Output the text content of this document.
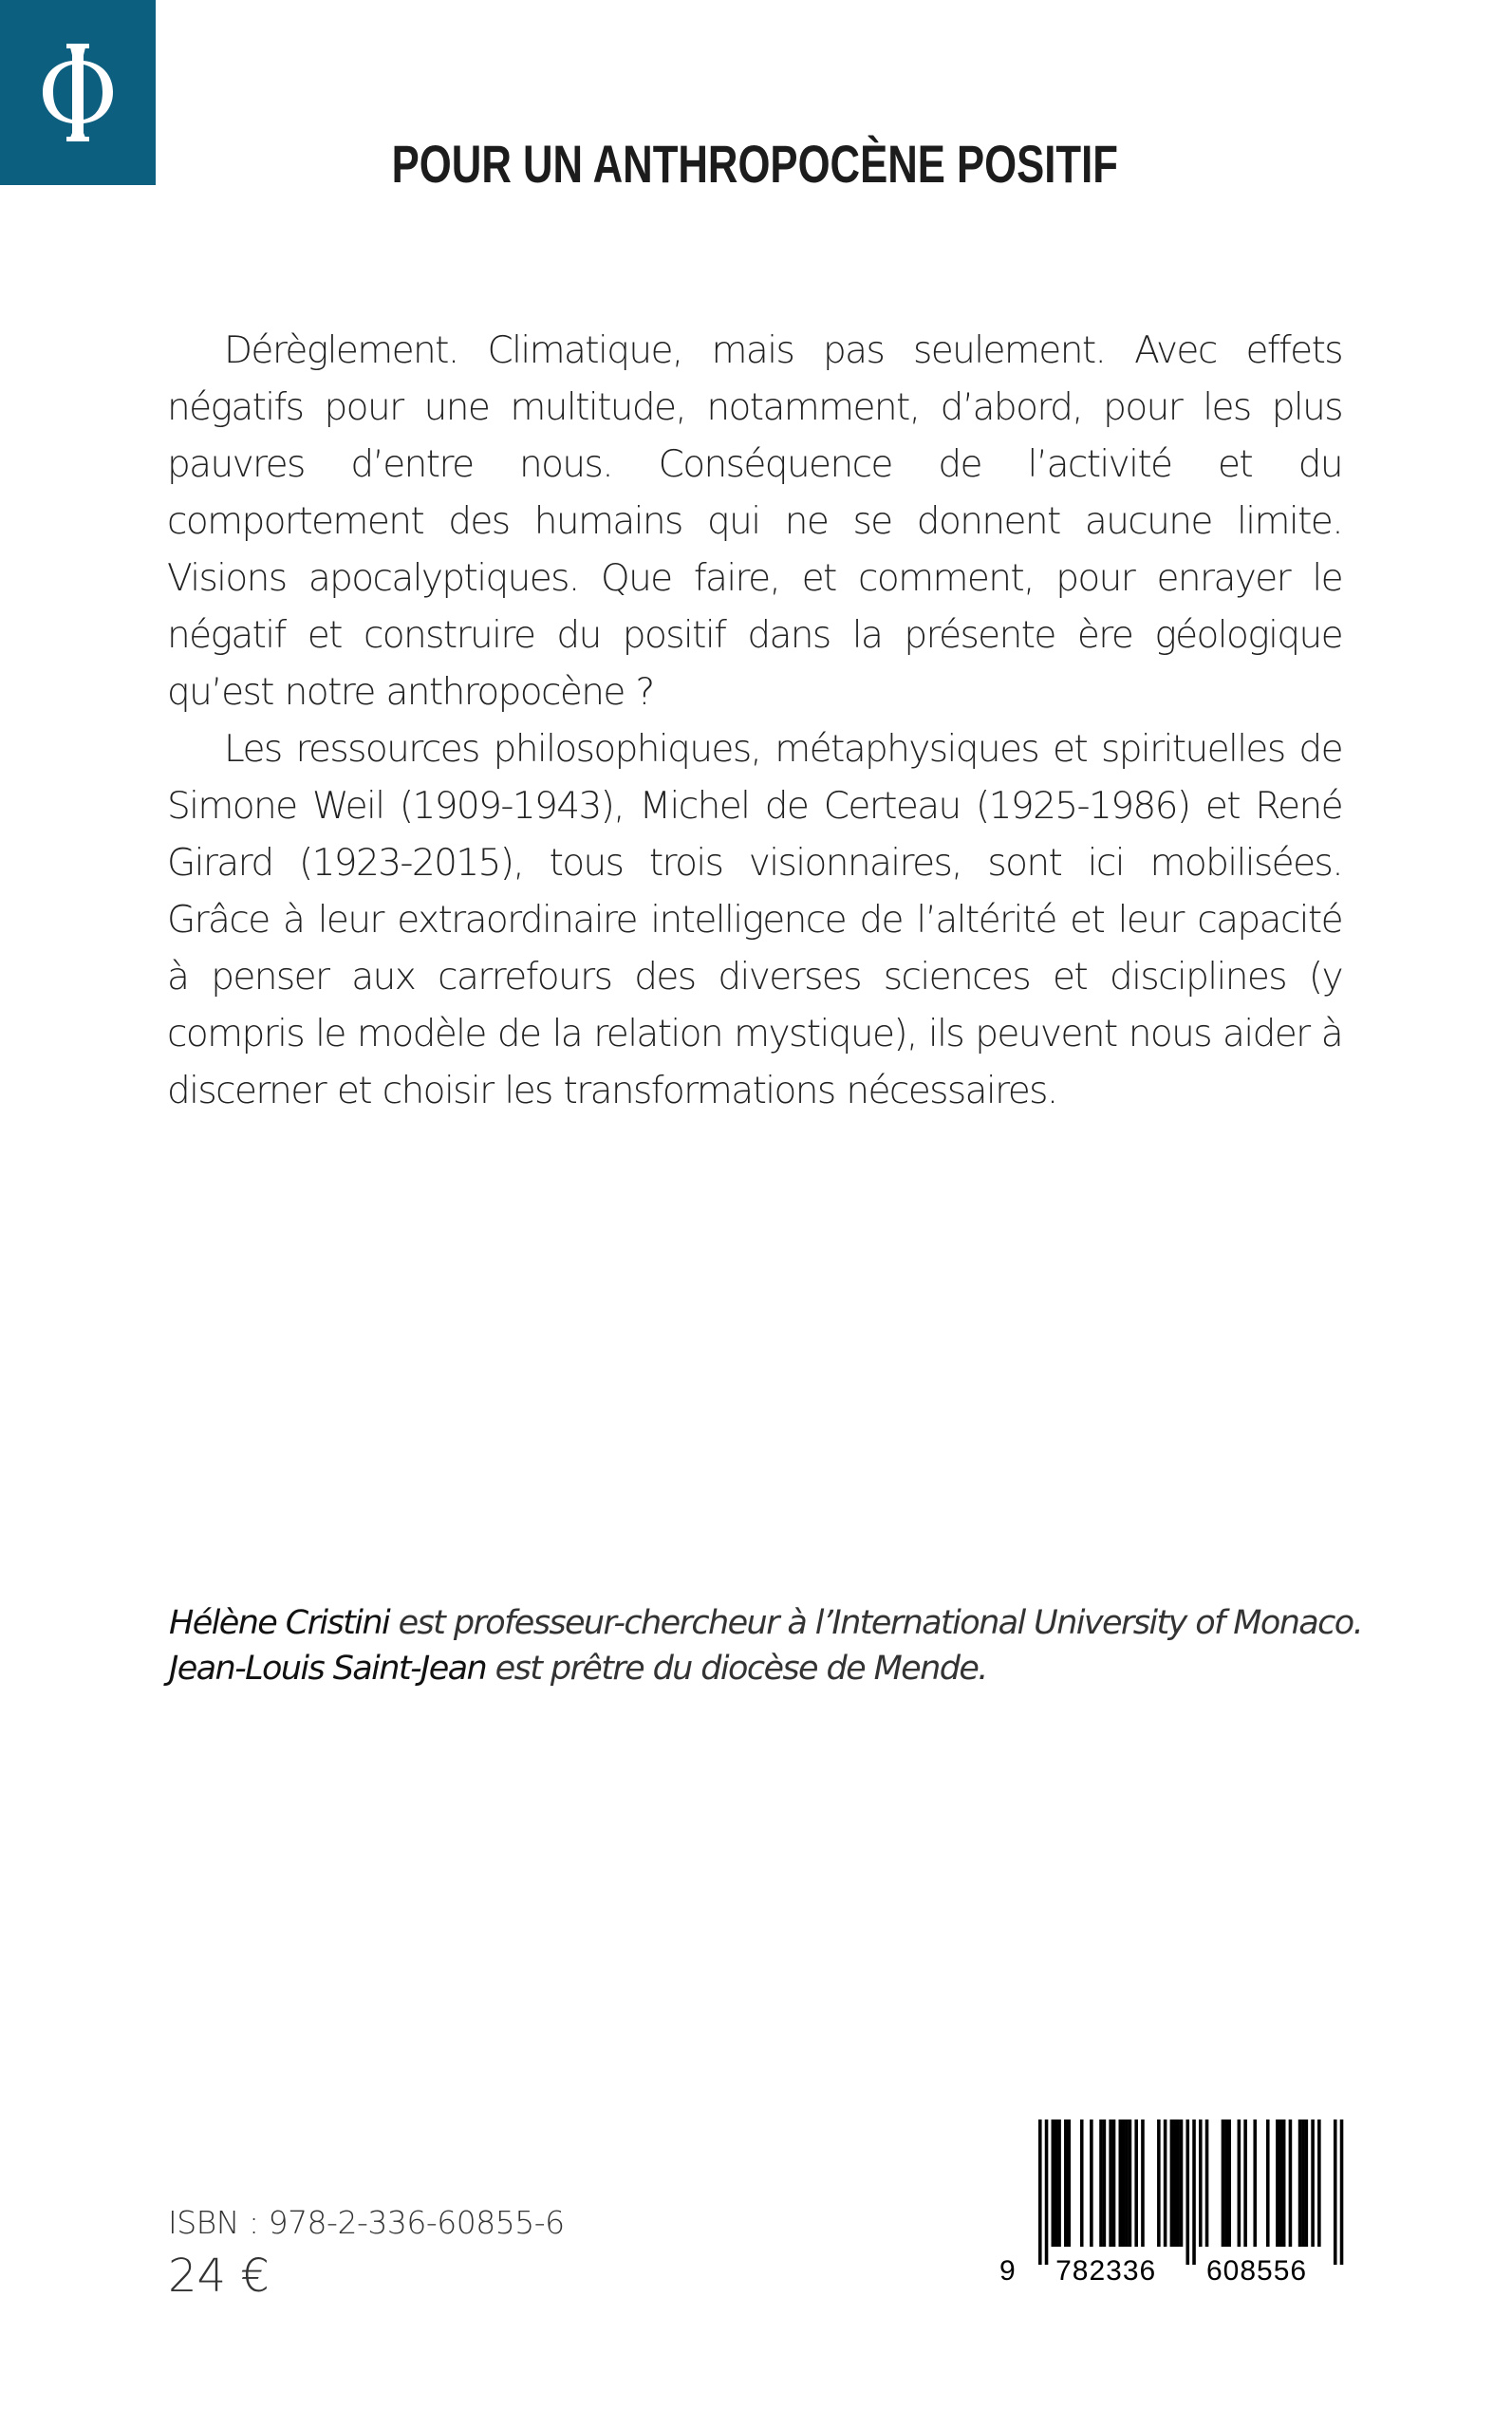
POUR UN ANTHROPOCÈNE POSITIF

Dérèglement. Climatique, mais pas seulement. Avec effets négatifs pour une multitude, notamment, d’abord, pour les plus pauvres d’entre nous. Conséquence de l’activité et du comportement des humains qui ne se donnent aucune limite. Visions apocalyptiques. Que faire, et comment, pour enrayer le négatif et construire du positif dans la présente ère géologique qu’est notre anthropocène ?

Les ressources philosophiques, métaphysiques et spirituelles de Simone Weil (1909-1943), Michel de Certeau (1925-1986) et René Girard (1923-2015), tous trois visionnaires, sont ici mobilisées. Grâce à leur extraordinaire intelligence de l’altérité et leur capacité à penser aux carrefours des diverses sciences et disciplines (y compris le modèle de la relation mystique), ils peuvent nous aider à discerner et choisir les transformations nécessaires.

Hélène Cristini est professeur-chercheur à l’International University of Monaco.
Jean-Louis Saint-Jean est prêtre du diocèse de Mende.
ISBN : 978-2-336-60855-6
24 €	9 782336 608556
